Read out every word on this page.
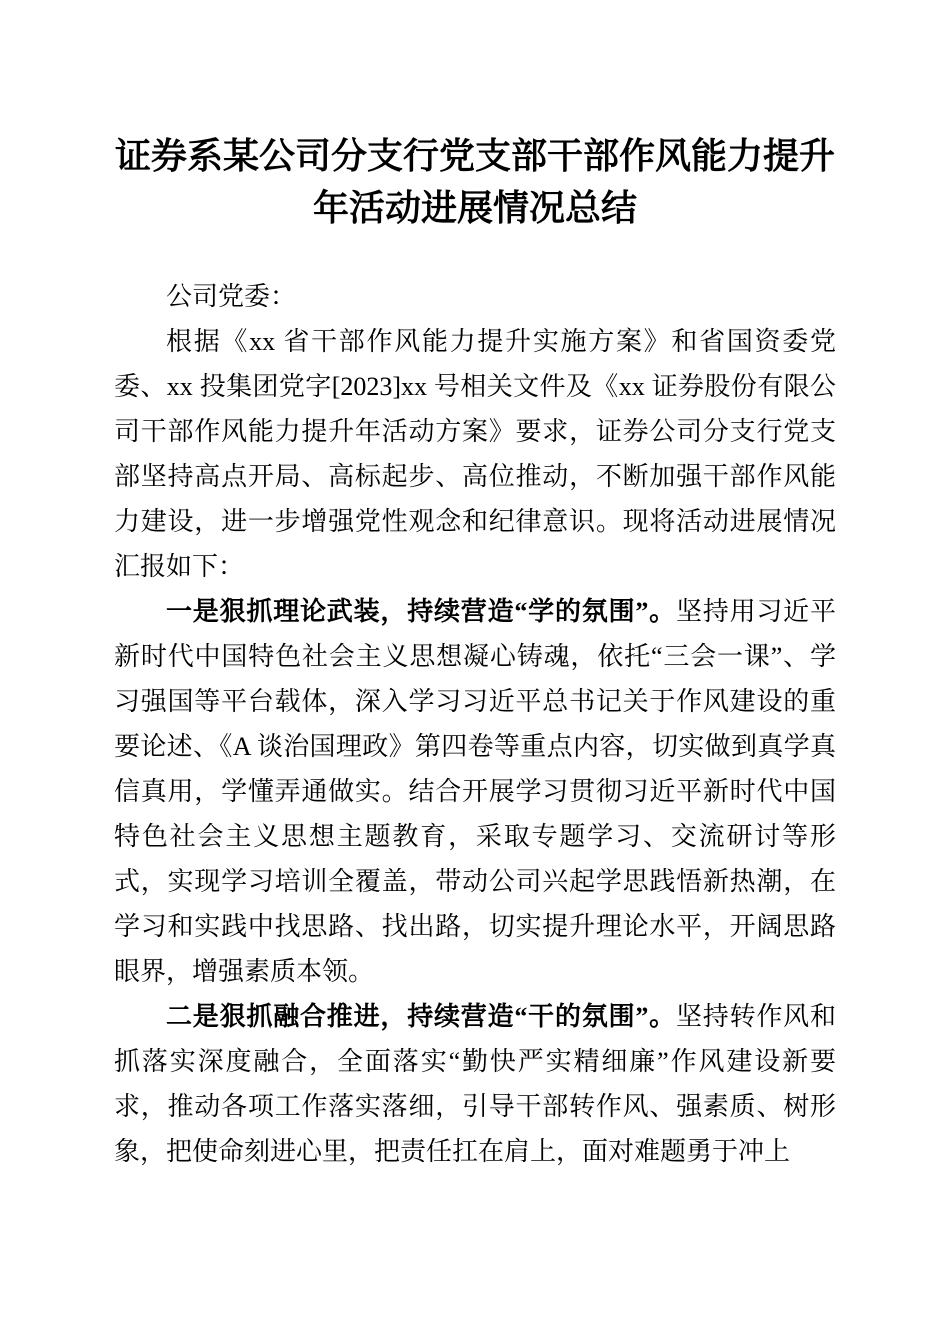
证券系某公司分支行党支部干部作风能力提升
年活动进展情况总结

公司党委：

根据《xx 省干部作风能力提升实施方案》和省国资委党委、xx 投集团党字[2023]xx 号相关文件及《xx 证券股份有限公司干部作风能力提升年活动方案》要求，证券公司分支行党支部坚持高点开局、高标起步、高位推动，不断加强干部作风能力建设，进一步增强党性观念和纪律意识。现将活动进展情况汇报如下：

一是狠抓理论武装，持续营造“学的氛围”。坚持用习近平新时代中国特色社会主义思想凝心铸魂，依托“三会一课”、学习强国等平台载体，深入学习习近平总书记关于作风建设的重要论述、《A 谈治国理政》第四卷等重点内容，切实做到真学真信真用，学懂弄通做实。结合开展学习贯彻习近平新时代中国特色社会主义思想主题教育，采取专题学习、交流研讨等形式，实现学习培训全覆盖，带动公司兴起学思践悟新热潮，在学习和实践中找思路、找出路，切实提升理论水平，开阔思路眼界，增强素质本领。

二是狠抓融合推进，持续营造“干的氛围”。坚持转作风和抓落实深度融合，全面落实“勤快严实精细廉”作风建设新要求，推动各项工作落实落细，引导干部转作风、强素质、树形象，把使命刻进心里，把责任扛在肩上，面对难题勇于冲上
